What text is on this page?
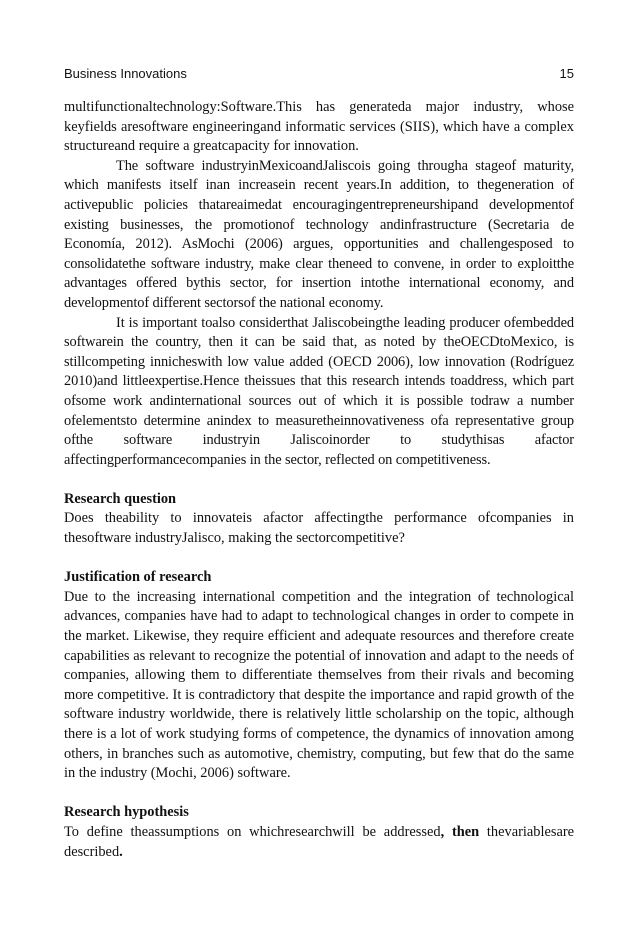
Business Innovations	15

multifunctionaltechnology:Software.This has generateda major industry, whose keyfields aresoftware engineeringand informatic services (SIIS), which have a complex structureand require a greatcapacity for innovation.

The software industryinMexicoandJaliscois going througha stageof maturity, which manifests itself inan increasein recent years.In addition, to thegeneration of activepublic policies thatareaimedat encouragingentrepreneurshipand developmentof existing businesses, the promotionof technology andinfrastructure (Secretaria de Economía, 2012). AsMochi (2006) argues, opportunities and challengesposed to consolidatethe software industry, make clear theneed to convene, in order to exploitthe advantages offered bythis sector, for insertion intothe international economy, and developmentof different sectorsof the national economy.

It is important toalso considerthat Jaliscobeingthe leading producer ofembedded softwarein the country, then it can be said that, as noted by theOECDtoMexico, is stillcompeting innicheswith low value added (OECD 2006), low innovation (Rodríguez 2010)and littleexpertise.Hence theissues that this research intends toaddress, which part ofsome work andinternational sources out of which it is possible todraw a number ofelementsto determine anindex to measuretheinnovativeness ofa representative group ofthe software industryin Jaliscoinorder to studythisas afactor affectingperformancecompanies in the sector, reflected on competitiveness.

Research question

Does theability to innovateis afactor affectingthe performance ofcompanies in thesoftware industryJalisco, making the sectorcompetitive?

Justification of research

Due to the increasing international competition and the integration of technological advances, companies have had to adapt to technological changes in order to compete in the market. Likewise, they require efficient and adequate resources and therefore create capabilities as relevant to recognize the potential of innovation and adapt to the needs of companies, allowing them to differentiate themselves from their rivals and becoming more competitive. It is contradictory that despite the importance and rapid growth of the software industry worldwide, there is relatively little scholarship on the topic, although there is a lot of work studying forms of competence, the dynamics of innovation among others, in branches such as automotive, chemistry, computing, but few that do the same in the industry (Mochi, 2006) software.

Research hypothesis

To define theassumptions on whichresearchwill be addressed, then thevariablesare described.
